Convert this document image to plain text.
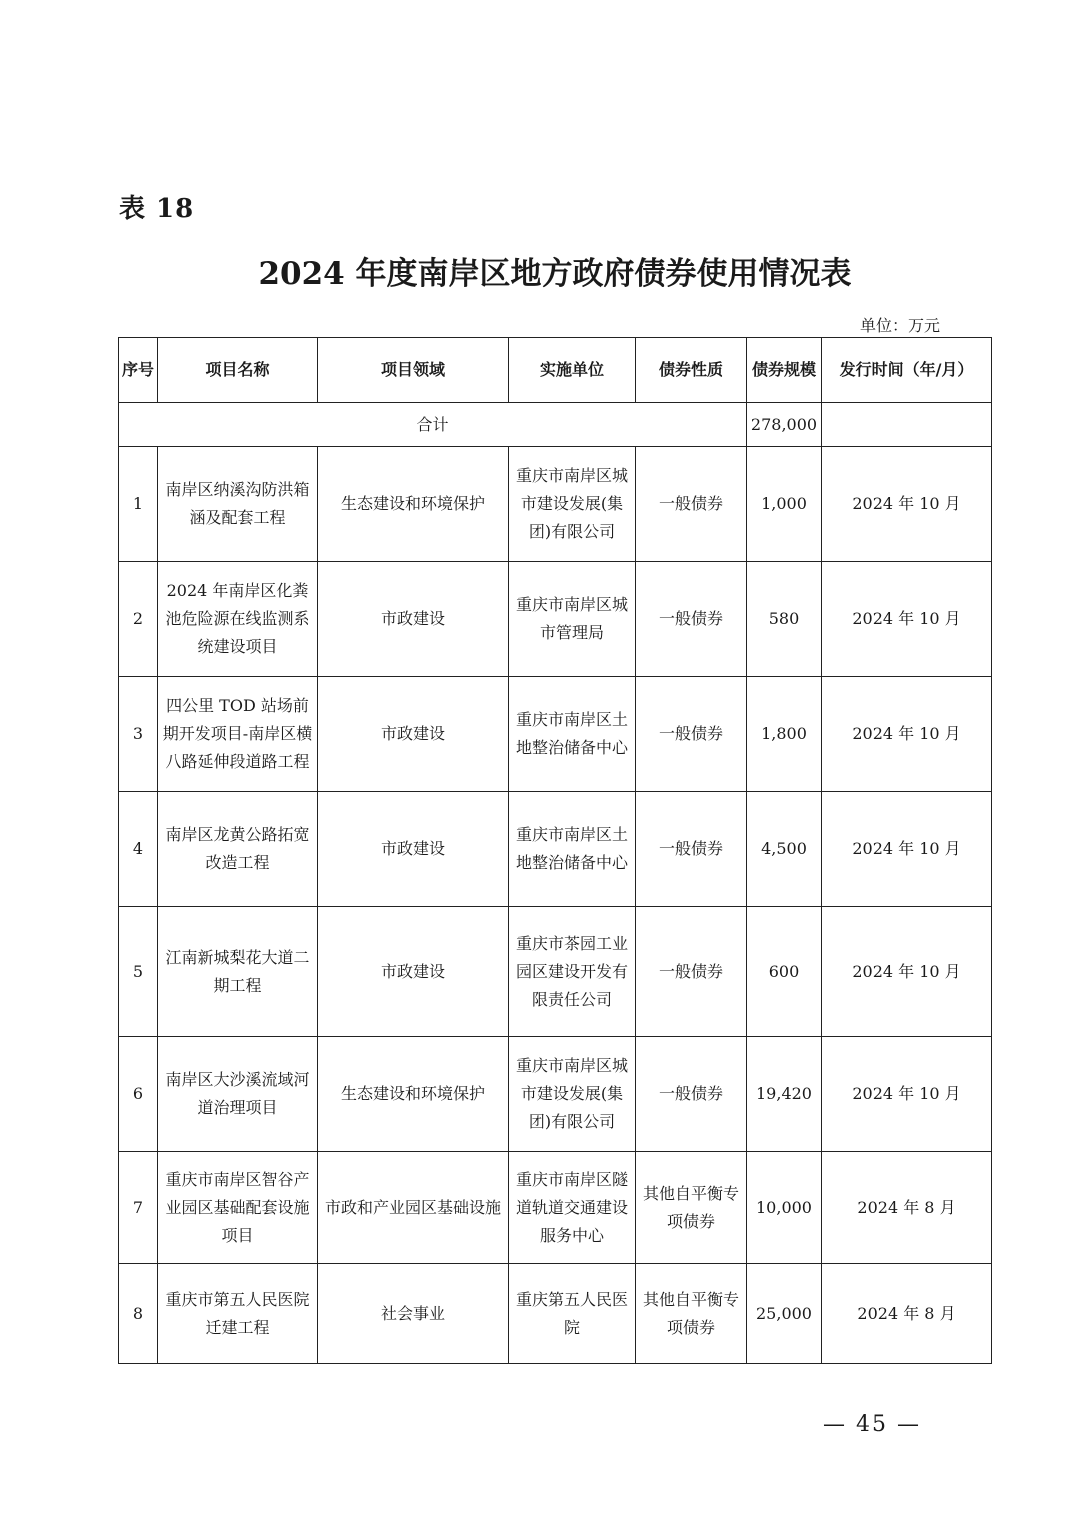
表 18
2024 年度南岸区地方政府债券使用情况表
单位：万元
序号	项目名称	项目领域	实施单位	债券性质	债券规模	发行时间（年/月）
合计					278,000	
1	南岸区纳溪沟防洪箱涵及配套工程	生态建设和环境保护	重庆市南岸区城市建设发展(集团)有限公司	一般债券	1,000	2024 年 10 月
2	2024 年南岸区化粪池危险源在线监测系统建设项目	市政建设	重庆市南岸区城市管理局	一般债券	580	2024 年 10 月
3	四公里 TOD 站场前期开发项目-南岸区横八路延伸段道路工程	市政建设	重庆市南岸区土地整治储备中心	一般债券	1,800	2024 年 10 月
4	南岸区龙黄公路拓宽改造工程	市政建设	重庆市南岸区土地整治储备中心	一般债券	4,500	2024 年 10 月
5	江南新城梨花大道二期工程	市政建设	重庆市茶园工业园区建设开发有限责任公司	一般债券	600	2024 年 10 月
6	南岸区大沙溪流域河道治理项目	生态建设和环境保护	重庆市南岸区城市建设发展(集团)有限公司	一般债券	19,420	2024 年 10 月
7	重庆市南岸区智谷产业园区基础配套设施项目	市政和产业园区基础设施	重庆市南岸区隧道轨道交通建设服务中心	其他自平衡专项债券	10,000	2024 年 8 月
8	重庆市第五人民医院迁建工程	社会事业	重庆第五人民医院	其他自平衡专项债券	25,000	2024 年 8 月
— 45 —
